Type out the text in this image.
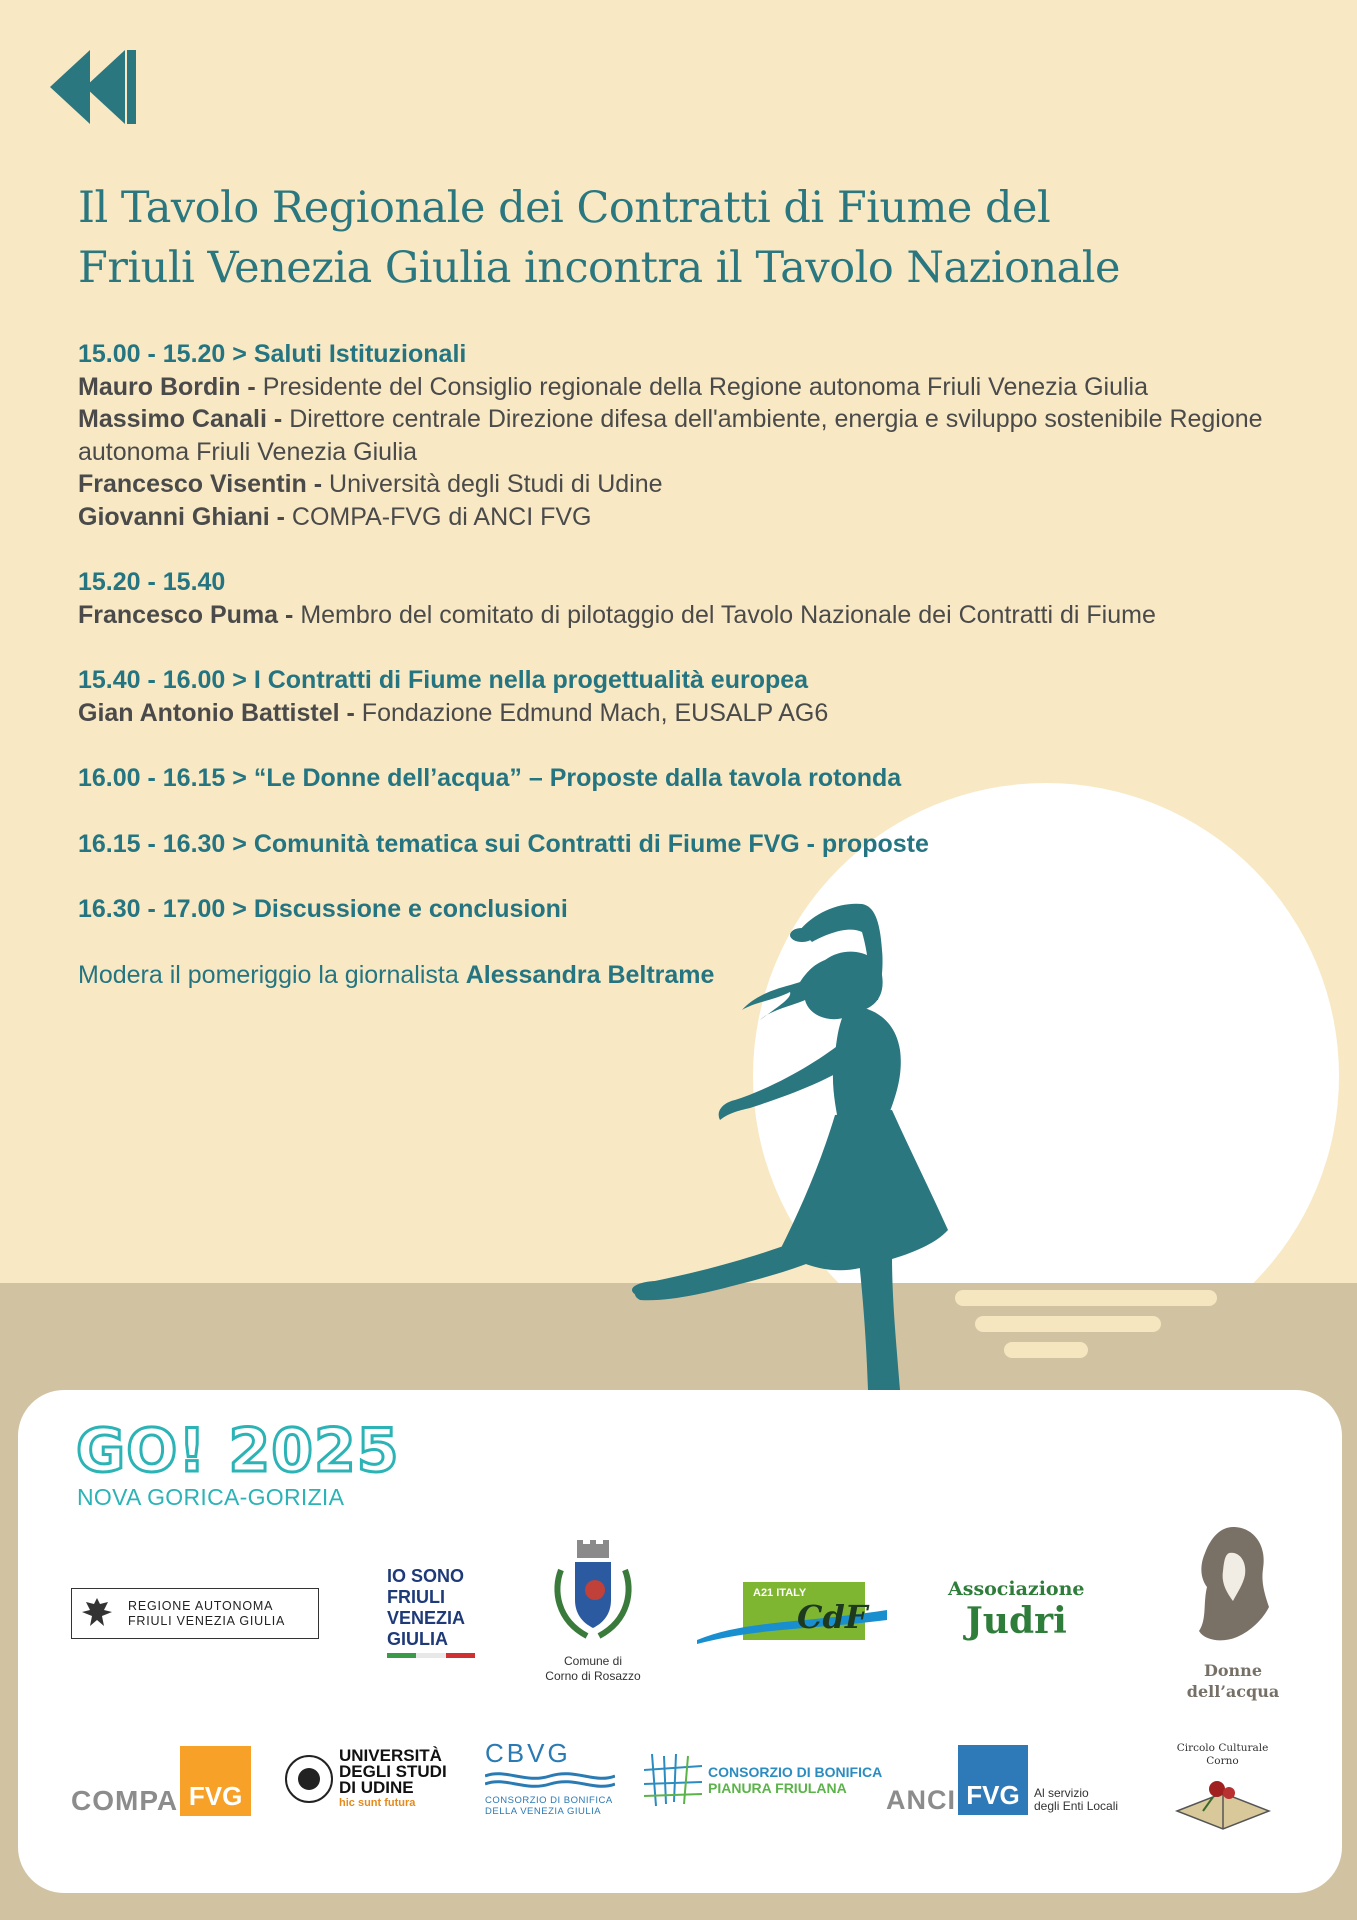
Il Tavolo Regionale dei Contratti di Fiume del
Friuli Venezia Giulia incontra il Tavolo Nazionale
15.00 - 15.20 > Saluti Istituzionali
Mauro Bordin - Presidente del Consiglio regionale della Regione autonoma Friuli Venezia Giulia
Massimo Canali - Direttore centrale Direzione difesa dell'ambiente, energia e sviluppo sostenibile Regione autonoma Friuli Venezia Giulia
Francesco Visentin - Università degli Studi di Udine
Giovanni Ghiani - COMPA-FVG di ANCI FVG
15.20 - 15.40
Francesco Puma - Membro del comitato di pilotaggio del Tavolo Nazionale dei Contratti di Fiume
15.40 - 16.00 > I Contratti di Fiume nella progettualità europea
Gian Antonio Battistel - Fondazione Edmund Mach, EUSALP AG6
16.00 - 16.15 > “Le Donne dell’acqua” – Proposte dalla tavola rotonda
16.15 - 16.30 > Comunità tematica sui Contratti di Fiume FVG - proposte
16.30 - 17.00 > Discussione e conclusioni
Modera il pomeriggio la giornalista Alessandra Beltrame
GO! 2025
NOVA GORICA-GORIZIA
REGIONE AUTONOMA
FRIULI VENEZIA GIULIA
IO SONO
FRIULI
VENEZIA
GIULIA
Comune di
Corno di Rosazzo
A21 ITALY
CdF
Associazione
Judri
Donne
dell’acqua
COMPA FVG
UNIVERSITÀ
DEGLI STUDI
DI UDINE
hic sunt futura
CBVG
CONSORZIO DI BONIFICA
DELLA VENEZIA GIULIA
CONSORZIO DI BONIFICA
PIANURA FRIULANA	ANCI FVG	Al servizio
degli Enti Locali
Circolo Culturale Corno
